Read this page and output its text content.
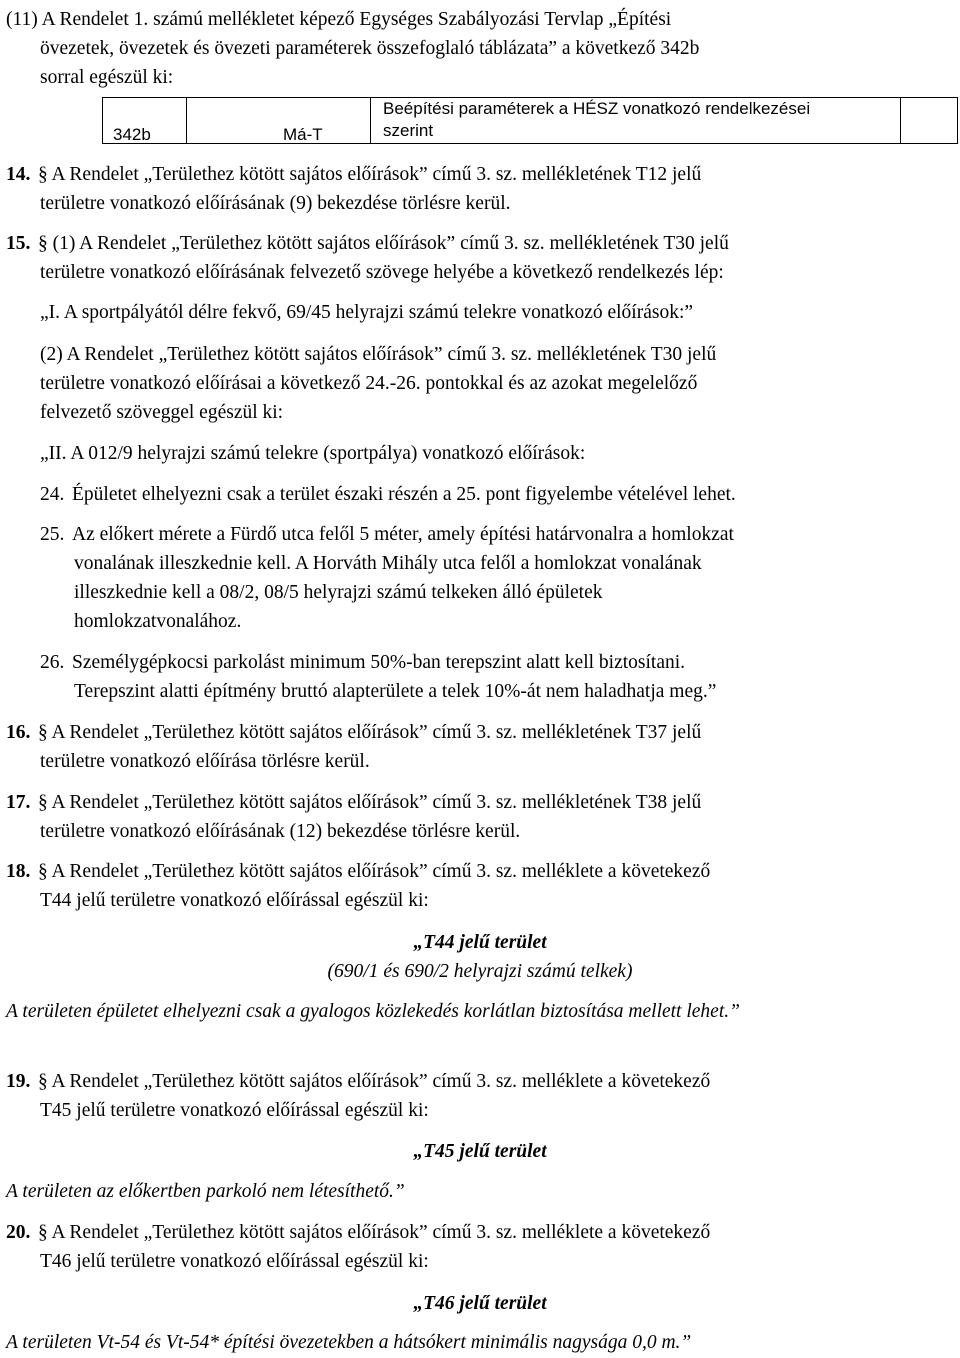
(11) A Rendelet 1. számú mellékletet képező Egységes Szabályozási Tervlap „Építési
övezetek, övezetek és övezeti paraméterek összefoglaló táblázata” a következő 342b
sorral egészül ki:
342b	Má-T
Beépítési paraméterek a HÉSZ vonatkozó rendelkezései
szerint
14. § A Rendelet „Területhez kötött sajátos előírások” című 3. sz. mellékletének T12 jelű
területre vonatkozó előírásának (9) bekezdése törlésre kerül.
15. § (1) A Rendelet „Területhez kötött sajátos előírások” című 3. sz. mellékletének T30 jelű
területre vonatkozó előírásának felvezető szövege helyébe a következő rendelkezés lép:
„I. A sportpályától délre fekvő, 69/45 helyrajzi számú telekre vonatkozó előírások:”
(2) A Rendelet „Területhez kötött sajátos előírások” című 3. sz. mellékletének T30 jelű
területre vonatkozó előírásai a következő 24.-26. pontokkal és az azokat megelelőző
felvezető szöveggel egészül ki:
„II. A 012/9 helyrajzi számú telekre (sportpálya) vonatkozó előírások:
24. Épületet elhelyezni csak a terület északi részén a 25. pont figyelembe vételével lehet.
25. Az előkert mérete a Fürdő utca felől 5 méter, amely építési határvonalra a homlokzat
vonalának illeszkednie kell. A Horváth Mihály utca felől a homlokzat vonalának
illeszkednie kell a 08/2, 08/5 helyrajzi számú telkeken álló épületek
homlokzatvonalához.
26. Személygépkocsi parkolást minimum 50%-ban terepszint alatt kell biztosítani.
Terepszint alatti építmény bruttó alapterülete a telek 10%-át nem haladhatja meg.”
16. § A Rendelet „Területhez kötött sajátos előírások” című 3. sz. mellékletének T37 jelű
területre vonatkozó előírása törlésre kerül.
17. § A Rendelet „Területhez kötött sajátos előírások” című 3. sz. mellékletének T38 jelű
területre vonatkozó előírásának (12) bekezdése törlésre kerül.
18. § A Rendelet „Területhez kötött sajátos előírások” című 3. sz. melléklete a követekező
T44 jelű területre vonatkozó előírással egészül ki:
„T44 jelű terület
(690/1 és 690/2 helyrajzi számú telkek)
A területen épületet elhelyezni csak a gyalogos közlekedés korlátlan biztosítása mellett lehet.”
19. § A Rendelet „Területhez kötött sajátos előírások” című 3. sz. melléklete a követekező
T45 jelű területre vonatkozó előírással egészül ki:
„T45 jelű terület
A területen az előkertben parkoló nem létesíthető.”
20. § A Rendelet „Területhez kötött sajátos előírások” című 3. sz. melléklete a követekező
T46 jelű területre vonatkozó előírással egészül ki:
„T46 jelű terület
A területen Vt-54 és Vt-54* építési övezetekben a hátsókert minimális nagysága 0,0 m.”
